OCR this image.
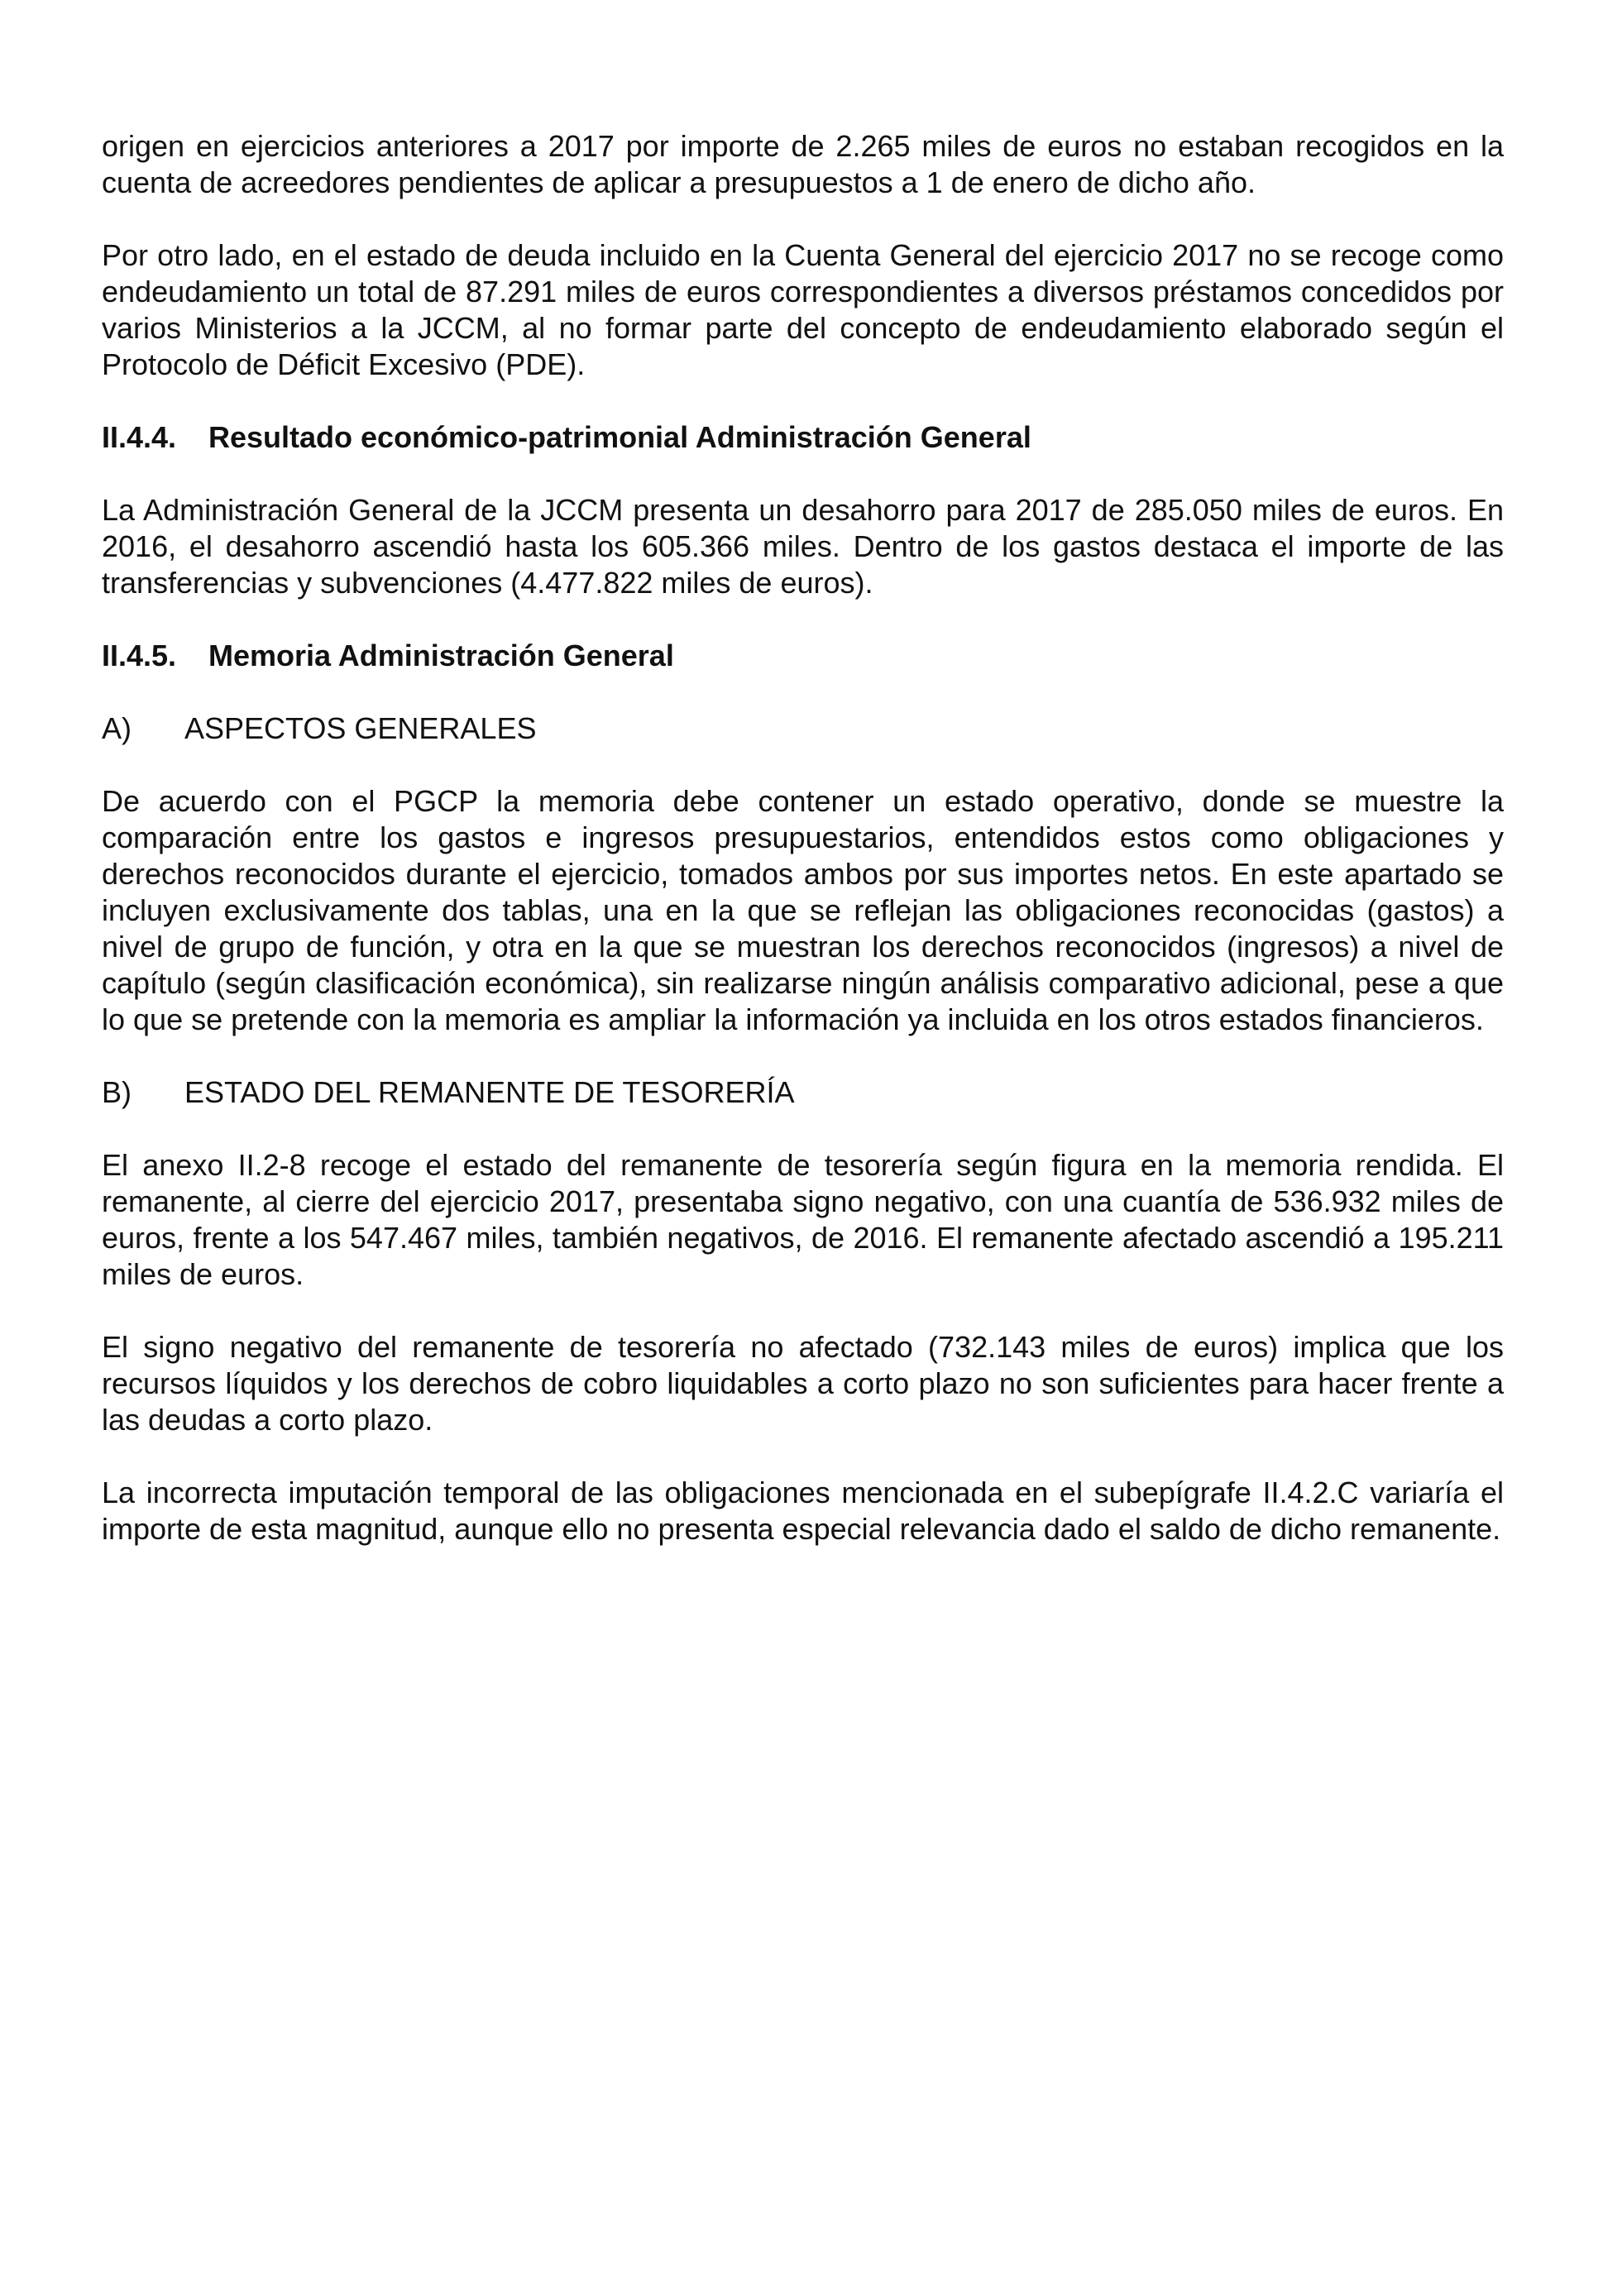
origen en ejercicios anteriores a 2017 por importe de 2.265 miles de euros no estaban recogidos en la cuenta de acreedores pendientes de aplicar a presupuestos a 1 de enero de dicho año.

Por otro lado, en el estado de deuda incluido en la Cuenta General del ejercicio 2017 no se recoge como endeudamiento un total de 87.291 miles de euros correspondientes a diversos préstamos concedidos por varios Ministerios a la JCCM, al no formar parte del concepto de endeudamiento elaborado según el Protocolo de Déficit Excesivo (PDE).

II.4.4.	Resultado económico-patrimonial Administración General

La Administración General de la JCCM presenta un desahorro para 2017 de 285.050 miles de euros. En 2016, el desahorro ascendió hasta los 605.366 miles. Dentro de los gastos destaca el importe de las transferencias y subvenciones (4.477.822 miles de euros).

II.4.5.	Memoria Administración General
A)	ASPECTOS GENERALES

De acuerdo con el PGCP la memoria debe contener un estado operativo, donde se muestre la comparación entre los gastos e ingresos presupuestarios, entendidos estos como obligaciones y derechos reconocidos durante el ejercicio, tomados ambos por sus importes netos. En este apartado se incluyen exclusivamente dos tablas, una en la que se reflejan las obligaciones reconocidas (gastos) a nivel de grupo de función, y otra en la que se muestran los derechos reconocidos (ingresos) a nivel de capítulo (según clasificación económica), sin realizarse ningún análisis comparativo adicional, pese a que lo que se pretende con la memoria es ampliar la información ya incluida en los otros estados financieros.

B)	ESTADO DEL REMANENTE DE TESORERÍA

El anexo II.2-8 recoge el estado del remanente de tesorería según figura en la memoria rendida. El remanente, al cierre del ejercicio 2017, presentaba signo negativo, con una cuantía de 536.932 miles de euros, frente a los 547.467 miles, también negativos, de 2016. El remanente afectado ascendió a 195.211 miles de euros.

El signo negativo del remanente de tesorería no afectado (732.143 miles de euros) implica que los recursos líquidos y los derechos de cobro liquidables a corto plazo no son suficientes para hacer frente a las deudas a corto plazo.

La incorrecta imputación temporal de las obligaciones mencionada en el subepígrafe II.4.2.C variaría el importe de esta magnitud, aunque ello no presenta especial relevancia dado el saldo de dicho remanente.
